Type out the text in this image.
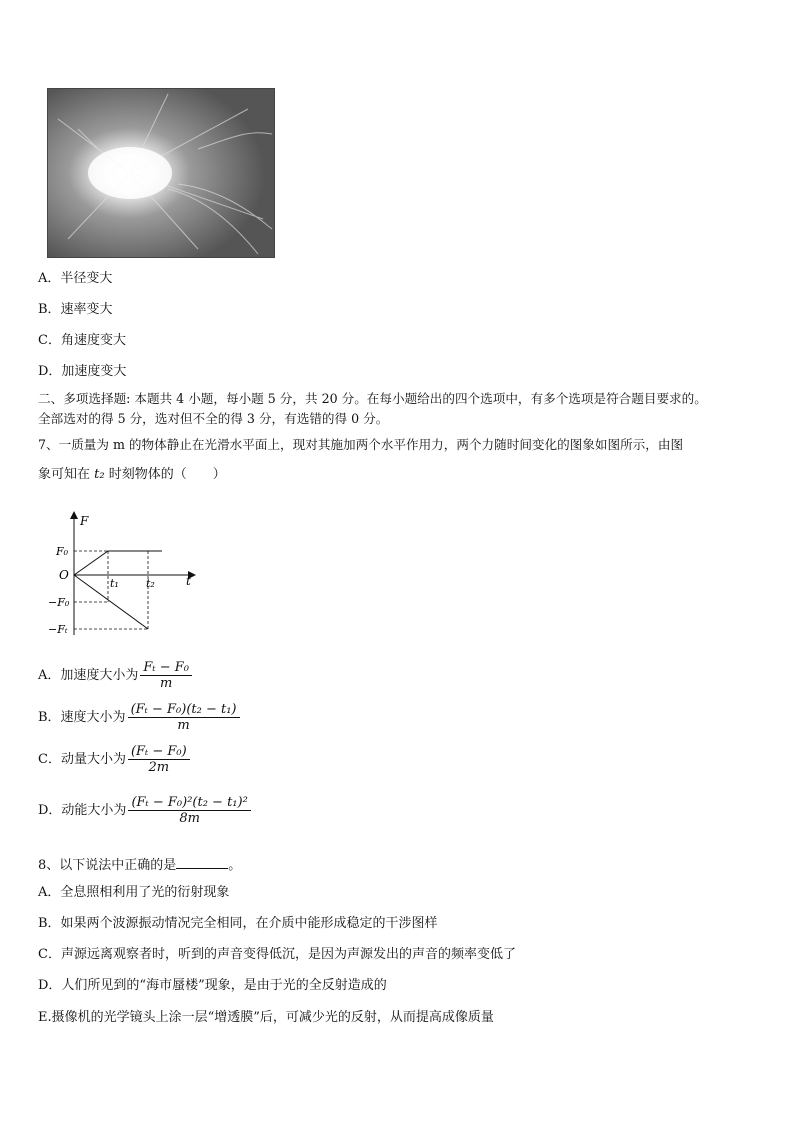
A．半径变大
B．速率变大
C．角速度变大
D．加速度变大
二、多项选择题: 本题共 4 小题，每小题 5 分，共 20 分。在每小题给出的四个选项中，有多个选项是符合题目要求的。
全部选对的得 5 分，选对但不全的得 3 分，有选错的得 0 分。
7、一质量为 m 的物体静止在光滑水平面上，现对其施加两个水平作用力，两个力随时间变化的图象如图所示，由图
象可知在 t₂ 时刻物体的（　　）
F
t
O
F₀
−F₀
−Fₜ
t₁ t₂
A．加速度大小为 $\frac{\text{Fₜ − F₀}}{m}$
B．速度大小为 $\frac{\text{(Fₜ − F₀)(t₂ − t₁)}}{m}$
C．动量大小为 $\frac{\text{(Fₜ − F₀)}}{2m}$
D．动能大小为 $\frac{\text{(Fₜ − F₀)²(t₂ − t₁)²}}{8m}$
8、以下说法中正确的是	。
A．全息照相利用了光的衍射现象
B．如果两个波源振动情况完全相同，在介质中能形成稳定的干涉图样
C．声源远离观察者时，听到的声音变得低沉，是因为声源发出的声音的频率变低了
D．人们所见到的“海市蜃楼”现象，是由于光的全反射造成的
E.摄像机的光学镜头上涂一层“增透膜”后，可减少光的反射，从而提高成像质量
